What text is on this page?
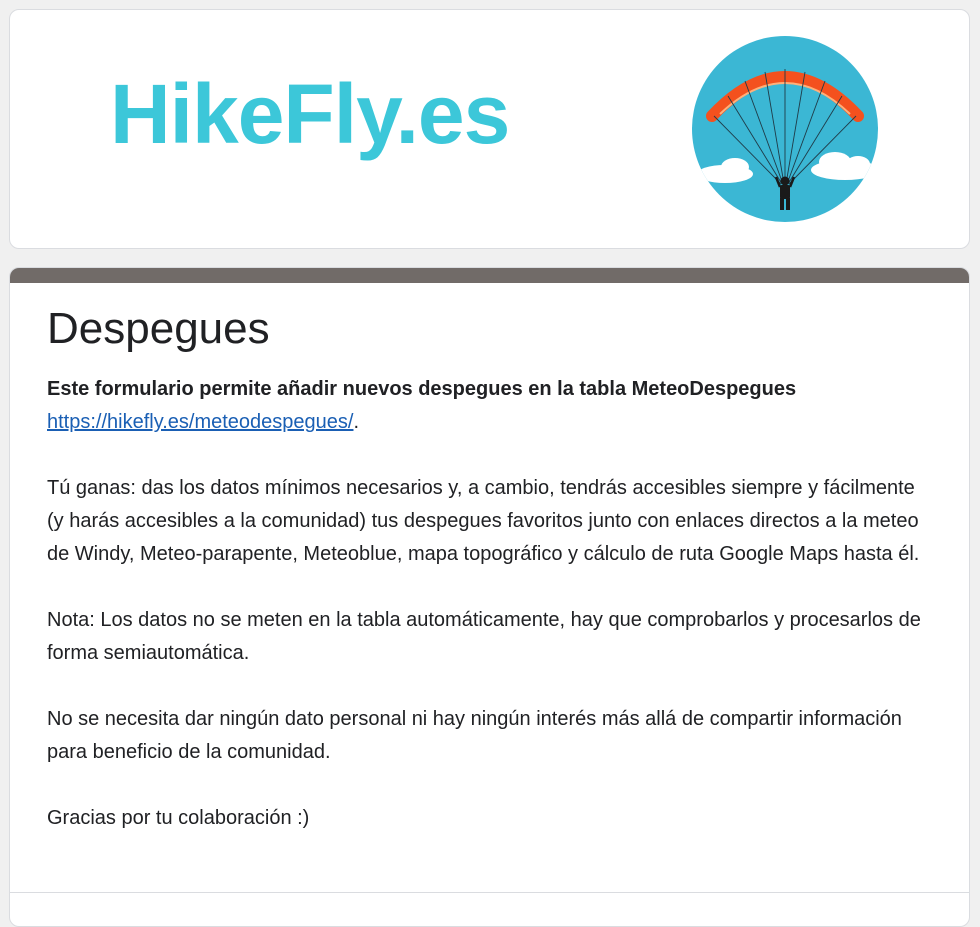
HikeFly.es
Despegues

Este formulario permite añadir nuevos despegues en la tabla MeteoDespegues https://hikefly.es/meteodespegues/.

Tú ganas: das los datos mínimos necesarios y, a cambio, tendrás accesibles siempre y fácilmente (y harás accesibles a la comunidad) tus despegues favoritos junto con enlaces directos a la meteo de Windy, Meteo-parapente, Meteoblue, mapa topográfico y cálculo de ruta Google Maps hasta él.

Nota: Los datos no se meten en la tabla automáticamente, hay que comprobarlos y procesarlos de forma semiautomática.

No se necesita dar ningún dato personal ni hay ningún interés más allá de compartir información para beneficio de la comunidad.

Gracias por tu colaboración :)
